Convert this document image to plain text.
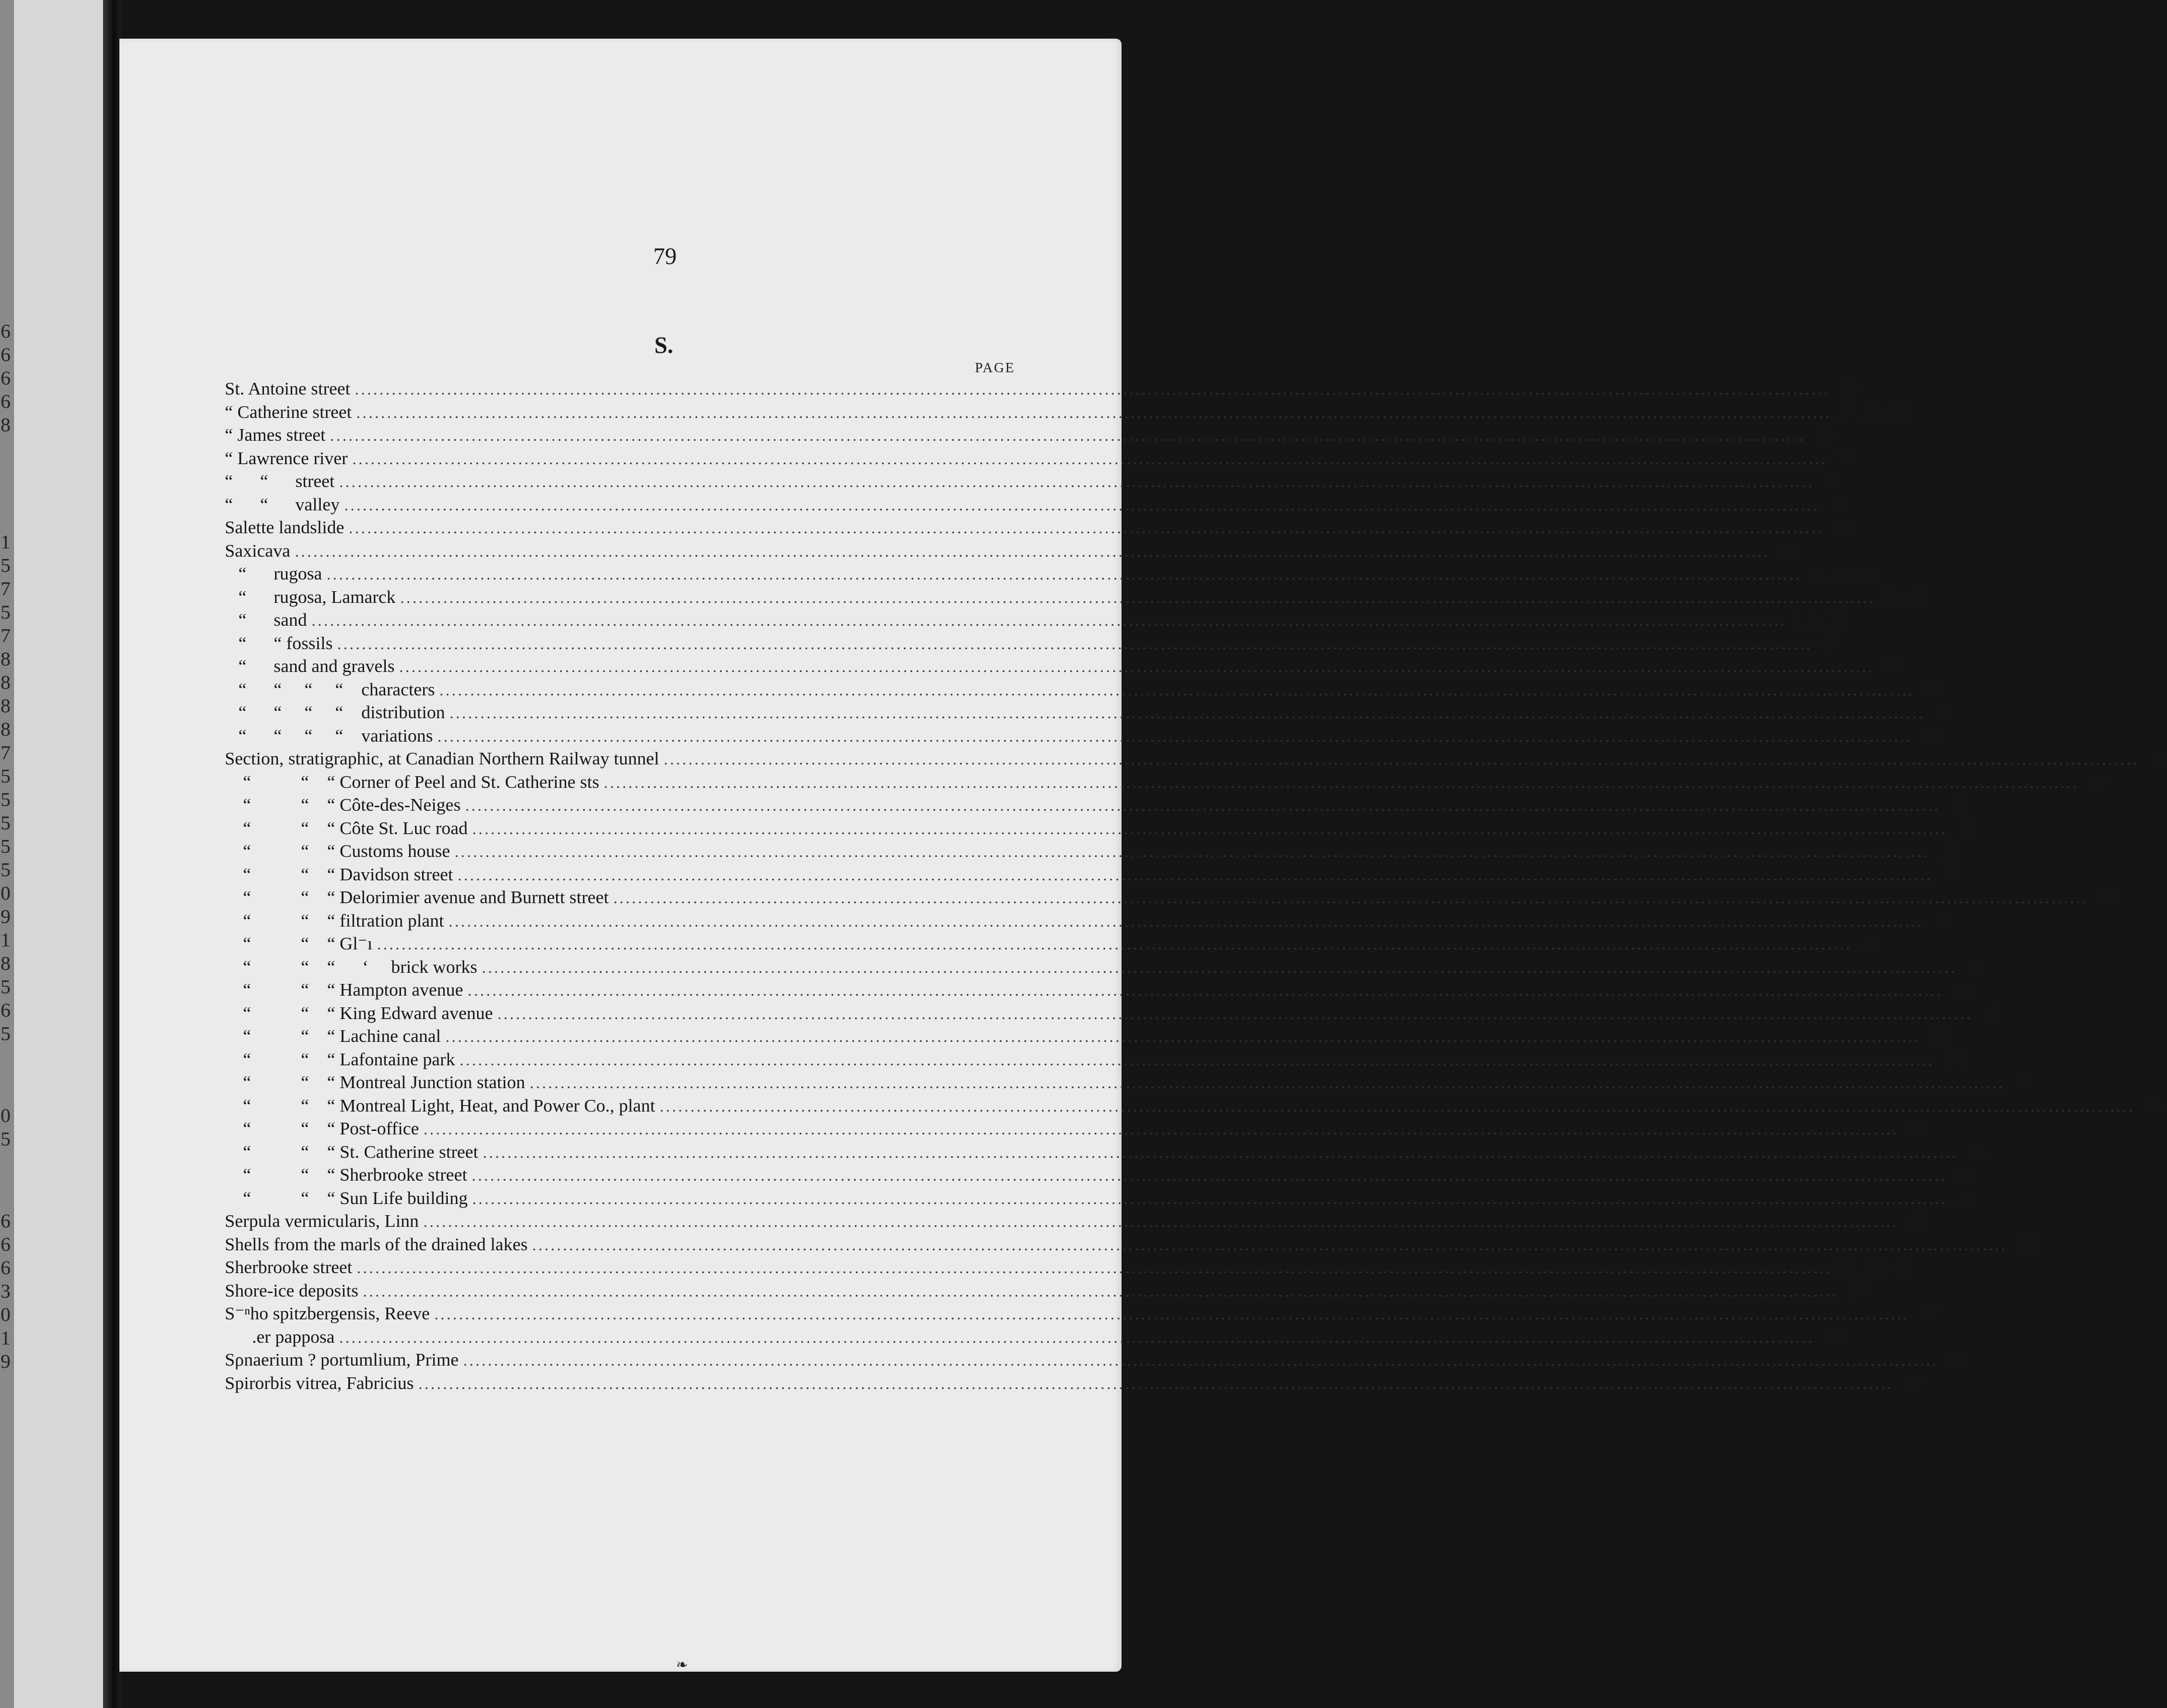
6
6
6
6
8
1
5
7
5
7
8
8
8
8
7
5
5
5
5
5
0
9
1
8
5
6
5
0
5
6
6
6
3
0
1
9
79
S.
PAGE
St. Antoine street .....	34
“ Catherine street .....	17, 25, 34
“ James street .....	35
“ Lawrence river .....	50
“      “ street .....	41
“      “ valley .....	13
Salette landslide .....	20
Saxicava .....	15
“ rugosa .....	14, 17, 23
“ rugosa, Lamarck .....	66, 67
“ sand .....	3, 4, 13
“      “ fossils .....	67
“ sand and gravels .....	23
“      “     “     “ characters .....	23
“      “     “     “ distribution .....	27
“      “     “     “ variations .....	25
Section, stratigraphic, at Canadian Northern Railway tunnel .....	17
“           “    “ Corner of Peel and St. Catherine sts .....	17
“           “    “ Côte-des-Neiges .....	35
“           “    “ Côte St. Luc road .....	19
“           “    “ Customs house .....	11
“           “    “ Davidson street .....	17
“           “    “ Delorimier avenue and Burnett street .....	19
“           “    “ filtration plant .....	10
“           “    “ Gl⁻ı .....	20
“           “    “      ‘ brick works .....	22
“           “    “ Hampton avenue .....	25
“           “    “ King Edward avenue .....	19
“           “    “ Lachine canal .....	21
“           “    “ Lafontaine park .....	14
“           “    “ Montreal Junction station .....	12
“           “    “ Montreal Light, Heat, and Power Co., plant .....	11
“           “    “ Post-office .....	20
“           “    “ St. Catherine street .....	25
“           “    “ Sherbrooke street .....	46
“           “    “ Sun Life building .....	36
Serpula vermicularis, Linn .....	67
Shells from the marls of the drained lakes .....	68
Sherbrooke street .....	24, 28, 46
Shore-ice deposits .....	23
S⁻ⁿho spitzbergensis, Reeve .....	67

.er papposa .....	65
Sρnaerium ? portumlium, Prime .....	68
Spirorbis vitrea, Fabricius .....	67
❧
